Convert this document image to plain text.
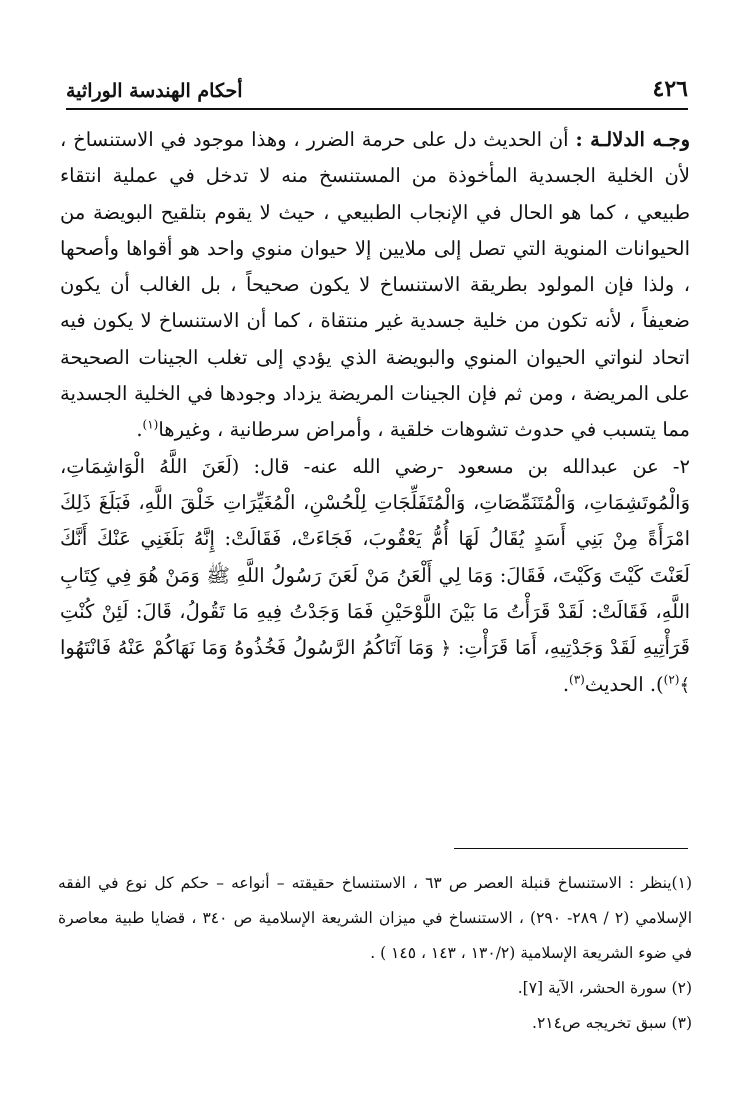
٤٢٦
أحكام الهندسة الوراثية

وجـه الدلالـة : أن الحديث دل على حرمة الضرر ، وهذا موجود في الاستنساخ ، لأن الخلية الجسدية المأخوذة من المستنسخ منه لا تدخل في عملية انتقاء طبيعي ، كما هو الحال في الإنجاب الطبيعي ، حيث لا يقوم بتلقيح البويضة من الحيوانات المنوية التي تصل إلى ملايين إلا حيوان منوي واحد هو أقواها وأصحها ، ولذا فإن المولود بطريقة الاستنساخ لا يكون صحيحاً ، بل الغالب أن يكون ضعيفاً ، لأنه تكون من خلية جسدية غير منتقاة ، كما أن الاستنساخ لا يكون فيه اتحاد لنواتي الحيوان المنوي والبويضة الذي يؤدي إلى تغلب الجينات الصحيحة على المريضة ، ومن ثم فإن الجينات المريضة يزداد وجودها في الخلية الجسدية مما يتسبب في حدوث تشوهات خلقية ، وأمراض سرطانية ، وغيرها$^{(١)}$.

٢- عن عبدالله بن مسعود -رضي الله عنه- قال: (لَعَنَ اللَّهُ الْوَاشِمَاتِ، وَالْمُوتَشِمَاتِ، وَالْمُتَنَمِّصَاتِ، وَالْمُتَفَلِّجَاتِ لِلْحُسْنِ، الْمُغَيِّرَاتِ خَلْقَ اللَّهِ، فَبَلَغَ ذَلِكَ امْرَأَةً مِنْ بَنِي أَسَدٍ يُقَالُ لَهَا أُمُّ يَعْقُوبَ، فَجَاءَتْ، فَقَالَتْ: إِنَّهُ بَلَغَنِي عَنْكَ أَنَّكَ لَعَنْتَ كَيْتَ وَكَيْتَ، فَقَالَ: وَمَا لِي أَلْعَنُ مَنْ لَعَنَ رَسُولُ اللَّهِ ﷺ وَمَنْ هُوَ فِي كِتَابِ اللَّهِ، فَقَالَتْ: لَقَدْ قَرَأْتُ مَا بَيْنَ اللَّوْحَيْنِ فَمَا وَجَدْتُ فِيهِ مَا تَقُولُ، قَالَ: لَئِنْ كُنْتِ قَرَأْتِيهِ لَقَدْ وَجَدْتِيهِ، أَمَا قَرَأْتِ: ﴿ وَمَا آتَاكُمُ الرَّسُولُ فَخُذُوهُ وَمَا نَهَاكُمْ عَنْهُ فَانْتَهُوا ﴾$^{(٢)}$). الحديث$^{(٣)}$.

(١)ينظر : الاستنساخ قنبلة العصر ص ٦٣ ، الاستنساخ حقيقته – أنواعه – حكم كل نوع في الفقه الإسلامي (٢ / ٢٨٩- ٢٩٠) ، الاستنساخ في ميزان الشريعة الإسلامية ص ٣٤٠ ، قضايا طبية معاصرة في ضوء الشريعة الإسلامية (١٣٠/٢ ، ١٤٣ ، ١٤٥ ) .

(٢) سورة الحشر، الآية [٧].

(٣) سبق تخريجه ص٢١٤.
